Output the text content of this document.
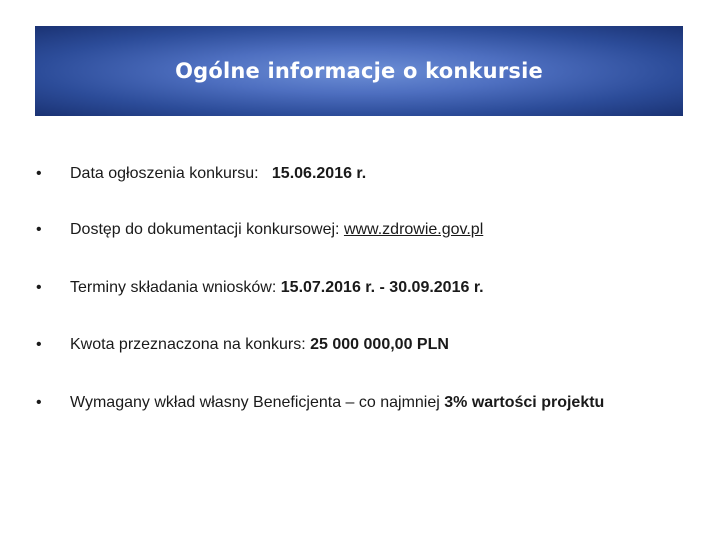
Ogólne informacje o konkursie
•	Data ogłoszenia konkursu:
15.06.2016 r.
•	Dostęp do dokumentacji konkursowej:
www.zdrowie.gov.pl
•	Terminy składania wniosków:
15.07.2016 r. - 30.09.2016 r.
•	Kwota przeznaczona na konkurs:
25 000 000,00 PLN
•	Wymagany wkład własny Beneficjenta – co najmniej
3% wartości projektu
